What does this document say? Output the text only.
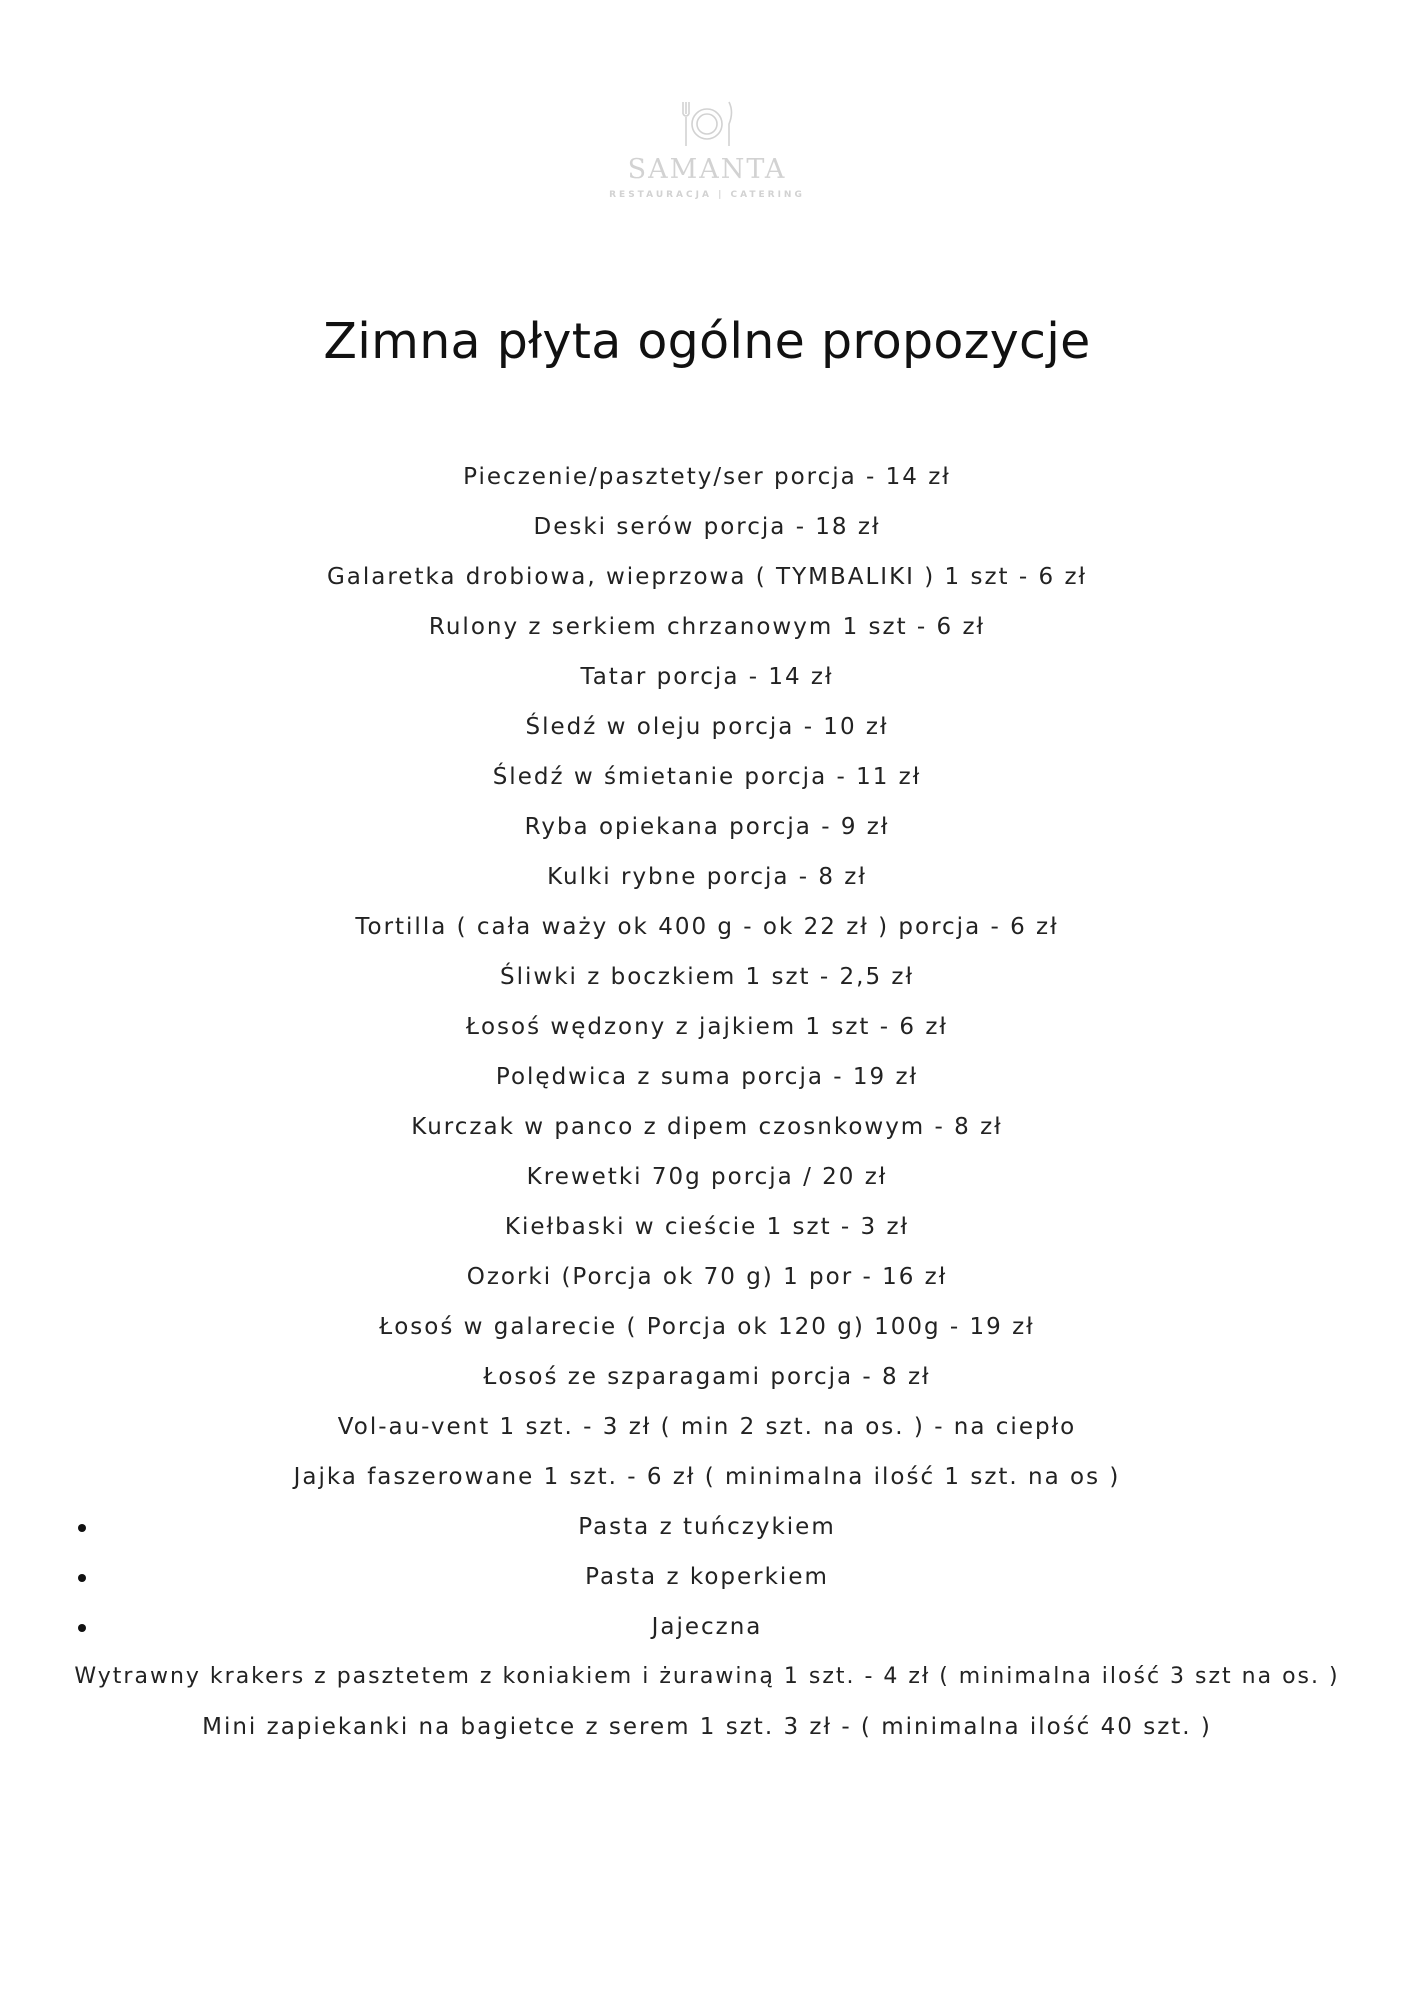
SAMANTA
RESTAURACJA | CATERING
Zimna płyta ogólne propozycje
Pieczenie/pasztety/ser porcja - 14 zł
Deski serów porcja - 18 zł
Galaretka drobiowa, wieprzowa ( TYMBALIKI ) 1 szt - 6 zł
Rulony z serkiem chrzanowym 1 szt - 6 zł
Tatar porcja - 14 zł
Śledź w oleju porcja - 10 zł
Śledź w śmietanie porcja - 11 zł
Ryba opiekana porcja - 9 zł
Kulki rybne porcja - 8 zł
Tortilla ( cała waży ok 400 g - ok 22 zł ) porcja - 6 zł
Śliwki z boczkiem 1 szt - 2,5 zł
Łosoś wędzony z jajkiem 1 szt - 6 zł
Polędwica z suma porcja - 19 zł
Kurczak w panco z dipem czosnkowym - 8 zł
Krewetki 70g porcja / 20 zł
Kiełbaski w cieście 1 szt - 3 zł
Ozorki (Porcja ok 70 g) 1 por - 16 zł
Łosoś w galarecie ( Porcja ok 120 g) 100g - 19 zł
Łosoś ze szparagami porcja - 8 zł
Vol-au-vent 1 szt. - 3 zł ( min 2 szt. na os. ) - na ciepło
Jajka faszerowane 1 szt. - 6 zł ( minimalna ilość 1 szt. na os )
Pasta z tuńczykiem
Pasta z koperkiem
Jajeczna
Wytrawny krakers z pasztetem z koniakiem i żurawiną 1 szt. - 4 zł ( minimalna ilość 3 szt na os. )
Mini zapiekanki na bagietce z serem 1 szt. 3 zł - ( minimalna ilość 40 szt. )
